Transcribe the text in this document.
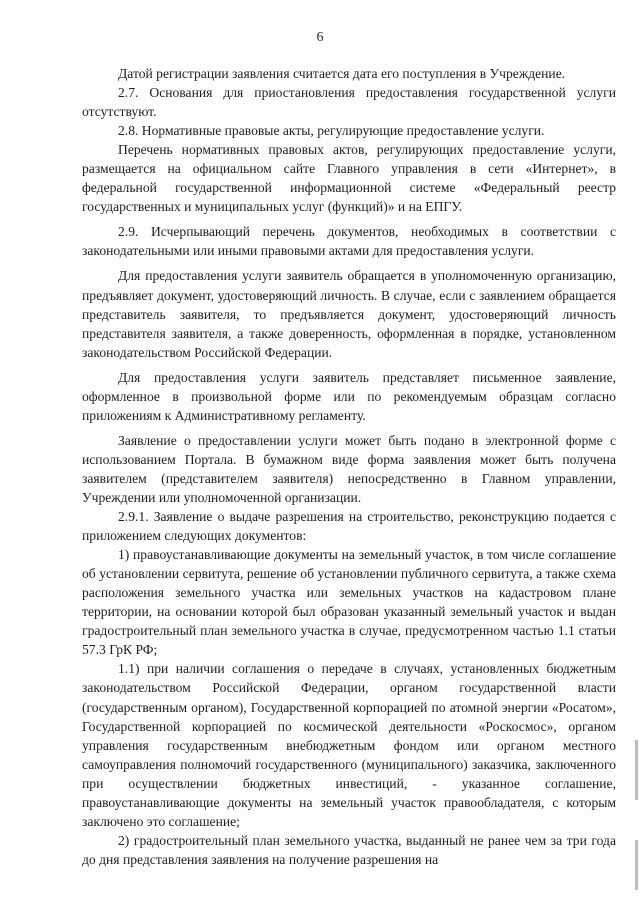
6

Датой регистрации заявления считается дата его поступления в Учреждение.

2.7. Основания для приостановления предоставления государственной услуги отсутствуют.

2.8. Нормативные правовые акты, регулирующие предоставление услуги.

Перечень нормативных правовых актов, регулирующих предоставление услуги, размещается на официальном сайте Главного управления в сети «Интернет», в федеральной государственной информационной системе «Федеральный реестр государственных и муниципальных услуг (функций)» и на ЕПГУ.

2.9. Исчерпывающий перечень документов, необходимых в соответствии с законодательными или иными правовыми актами для предоставления услуги.

Для предоставления услуги заявитель обращается в уполномоченную организацию, предъявляет документ, удостоверяющий личность. В случае, если с заявлением обращается представитель заявителя, то предъявляется документ, удостоверяющий личность представителя заявителя, а также доверенность, оформленная в порядке, установленном законодательством Российской Федерации.

Для предоставления услуги заявитель представляет письменное заявление, оформленное в произвольной форме или по рекомендуемым образцам согласно приложениям к Административному регламенту.

Заявление о предоставлении услуги может быть подано в электронной форме с использованием Портала. В бумажном виде форма заявления может быть получена заявителем (представителем заявителя) непосредственно в Главном управлении, Учреждении или уполномоченной организации.

2.9.1. Заявление о выдаче разрешения на строительство, реконструкцию подается с приложением следующих документов:

1) правоустанавливающие документы на земельный участок, в том числе соглашение об установлении сервитута, решение об установлении публичного сервитута, а также схема расположения земельного участка или земельных участков на кадастровом плане территории, на основании которой был образован указанный земельный участок и выдан градостроительный план земельного участка в случае, предусмотренном частью 1.1 статьи 57.3 ГрК РФ;

1.1) при наличии соглашения о передаче в случаях, установленных бюджетным законодательством Российской Федерации, органом государственной власти (государственным органом), Государственной корпорацией по атомной энергии «Росатом», Государственной корпорацией по космической деятельности «Роскосмос», органом управления государственным внебюджетным фондом или органом местного самоуправления полномочий государственного (муниципального) заказчика, заключенного при осуществлении бюджетных инвестиций, - указанное соглашение, правоустанавливающие документы на земельный участок правообладателя, с которым заключено это соглашение;

2) градостроительный план земельного участка, выданный не ранее чем за три года до дня представления заявления на получение разрешения на
